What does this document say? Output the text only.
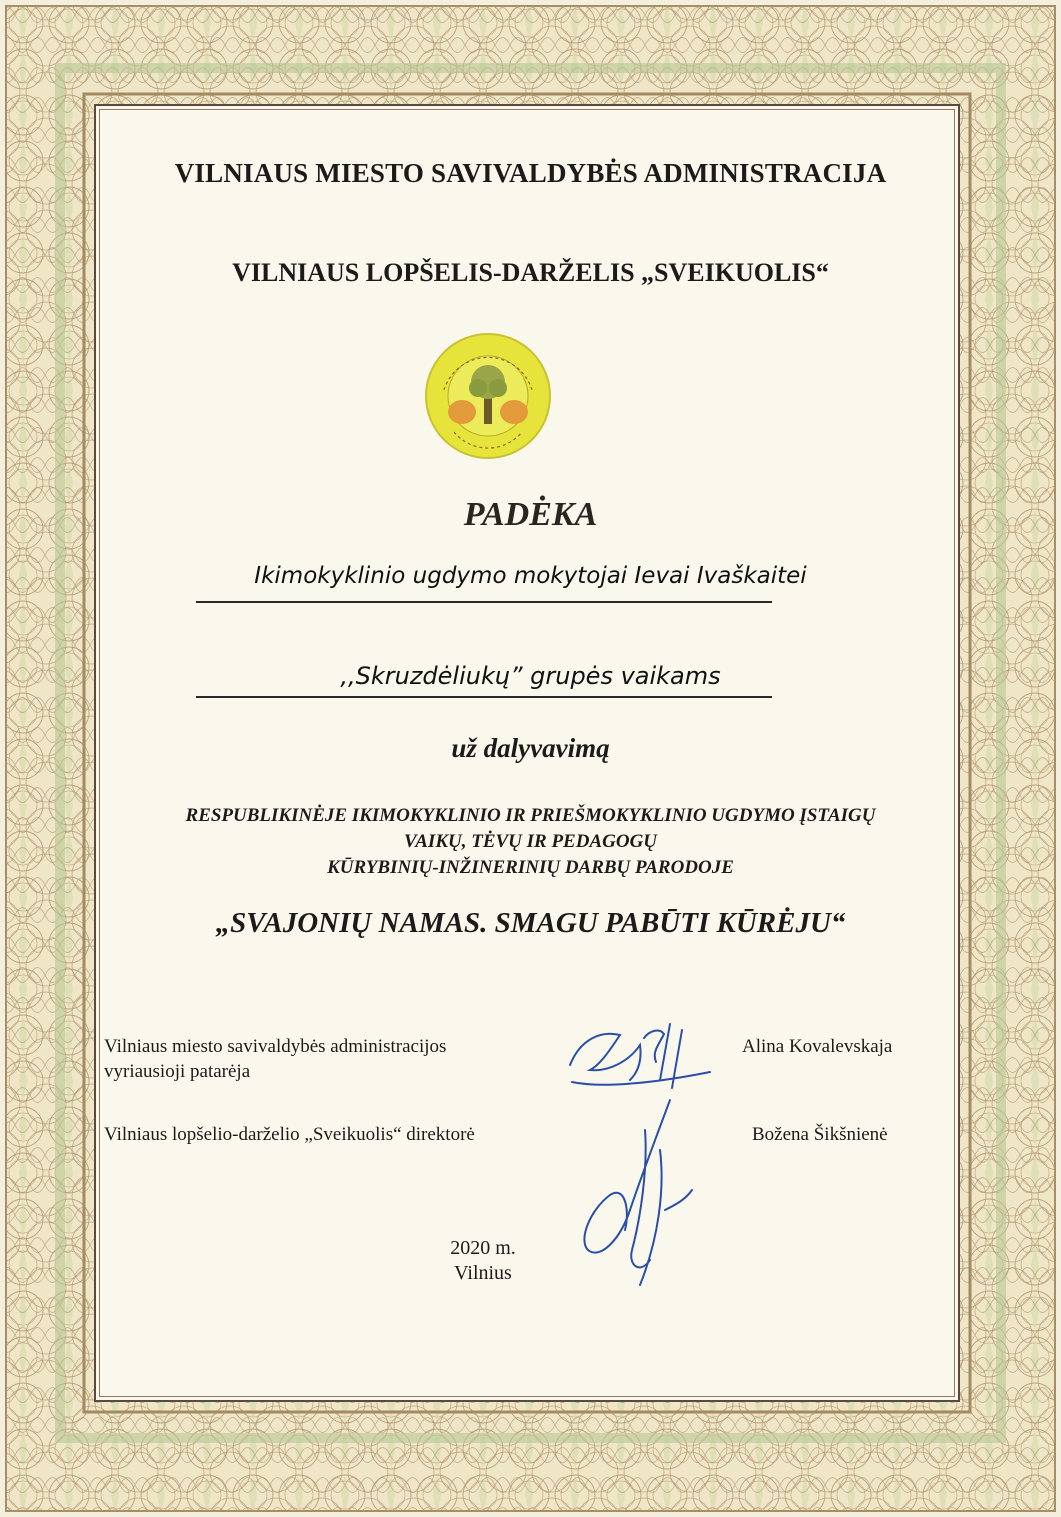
VILNIAUS MIESTO SAVIVALDYBĖS ADMINISTRACIJA
VILNIAUS LOPŠELIS-DARŽELIS „SVEIKUOLIS“
PADĖKA
Ikimokyklinio ugdymo mokytojai Ievai Ivaškaitei
,,Skruzdėliukų” grupės vaikams
už dalyvavimą
RESPUBLIKINĖJE IKIMOKYKLINIO IR PRIEŠMOKYKLINIO UGDYMO ĮSTAIGŲ
VAIKŲ, TĖVŲ IR PEDAGOGŲ
KŪRYBINIŲ-INŽINERINIŲ DARBŲ PARODOJE
„SVAJONIŲ NAMAS. SMAGU PABŪTI KŪRĖJU“
Vilniaus miesto savivaldybės administracijos
vyriausioji patarėja
Alina Kovalevskaja
Vilniaus lopšelio-darželio „Sveikuolis“ direktorė	Božena Šikšnienė
2020 m.
Vilnius
